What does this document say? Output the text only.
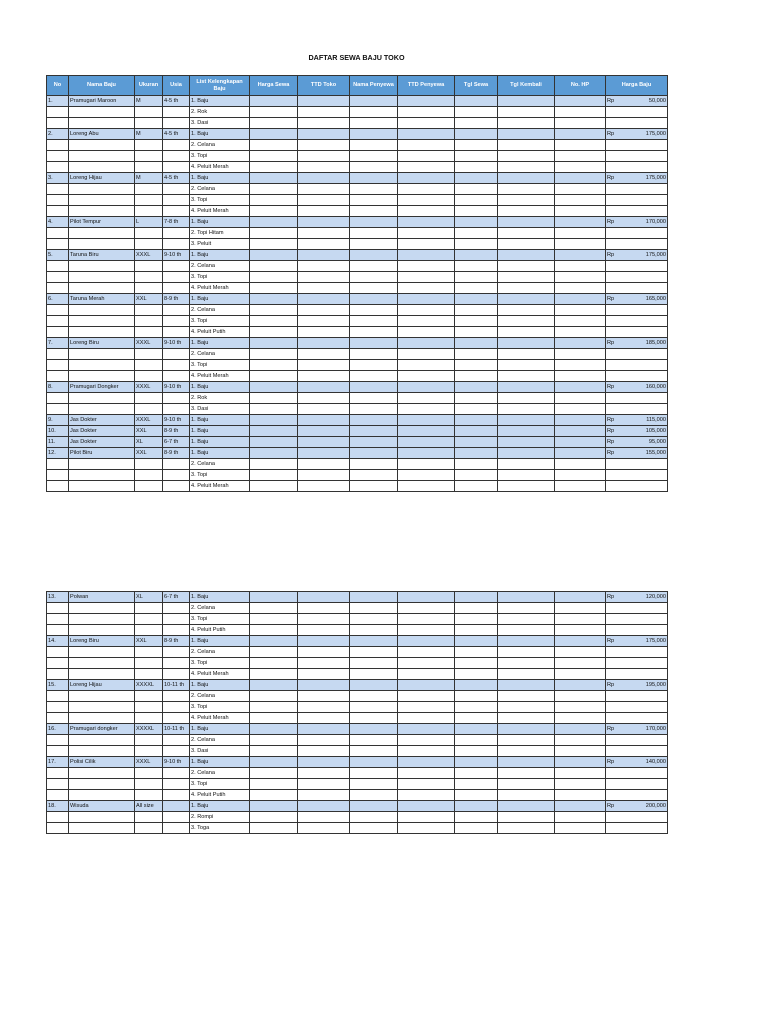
DAFTAR SEWA BAJU TOKO
No	Nama Baju	Ukuran	Usia	List Kelengkapan Baju	Harga Sewa	TTD Toko	Nama Penyewa	TTD Penyewa	Tgl Sewa	Tgl Kembali	No. HP	Harga Baju
1.	Pramugari Maroon	M	4-5 th	1. Baju								Rp 50,000

				2. Rok								
				3. Dasi								
2.	Loreng Abu	M	4-5 th	1. Baju								Rp 175,000

				2. Celana								
				3. Topi								
				4. Peluit Merah								
3.	Loreng Hijau	M	4-5 th	1. Baju								Rp 175,000

				2. Celana								
				3. Topi								
				4. Peluit Merah								
4.	Pilot Tempur	L	7-8 th	1. Baju								Rp 170,000

				2. Topi Hitam								
				3. Peluit								
5.	Taruna Biru	XXXL	9-10 th	1. Baju								Rp 175,000

				2. Celana								
				3. Topi								
				4. Peluit Merah								
6.	Taruna Merah	XXL	8-9 th	1. Baju								Rp 165,000

				2. Celana								
				3. Topi								
				4. Peluit Putih								
7.	Loreng Biru	XXXL	9-10 th	1. Baju								Rp 185,000

				2. Celana								
				3. Topi								
				4. Peluit Merah								
8.	Pramugari Dongker	XXXL	9-10 th	1. Baju								Rp 160,000

				2. Rok								
				3. Dasi								
9.	Jas Dokter	XXXL	9-10 th	1. Baju								Rp 115,000

10.	Jas Dokter	XXL	8-9 th	1. Baju								Rp 105,000

11.	Jas Dokter	XL	6-7 th	1. Baju								Rp 95,000

12.	Pilot Biru	XXL	8-9 th	1. Baju								Rp 155,000

				2. Celana								
				3. Topi								
				4. Peluit Merah								
13.	Polwan	XL	6-7 th	1. Baju								Rp 120,000

				2. Celana								
				3. Topi								
				4. Peluit Putih								
14.	Loreng Biru	XXL	8-9 th	1. Baju								Rp 175,000

				2. Celana								
				3. Topi								
				4. Peluit Merah								
15.	Loreng Hijau	XXXXL	10-11 th	1. Baju								Rp 195,000

				2. Celana								
				3. Topi								
				4. Peluit Merah								
16.	Pramugari dongker	XXXXL	10-11 th	1. Baju								Rp 170,000

				2. Celana								
				3. Dasi								
17.	Polisi Cilik	XXXL	9-10 th	1. Baju								Rp 140,000

				2. Celana								
				3. Topi								
				4. Peluit Putih								
18.	Wisuda	All size		1. Baju								Rp 200,000

				2. Rompi								
				3. Toga								
